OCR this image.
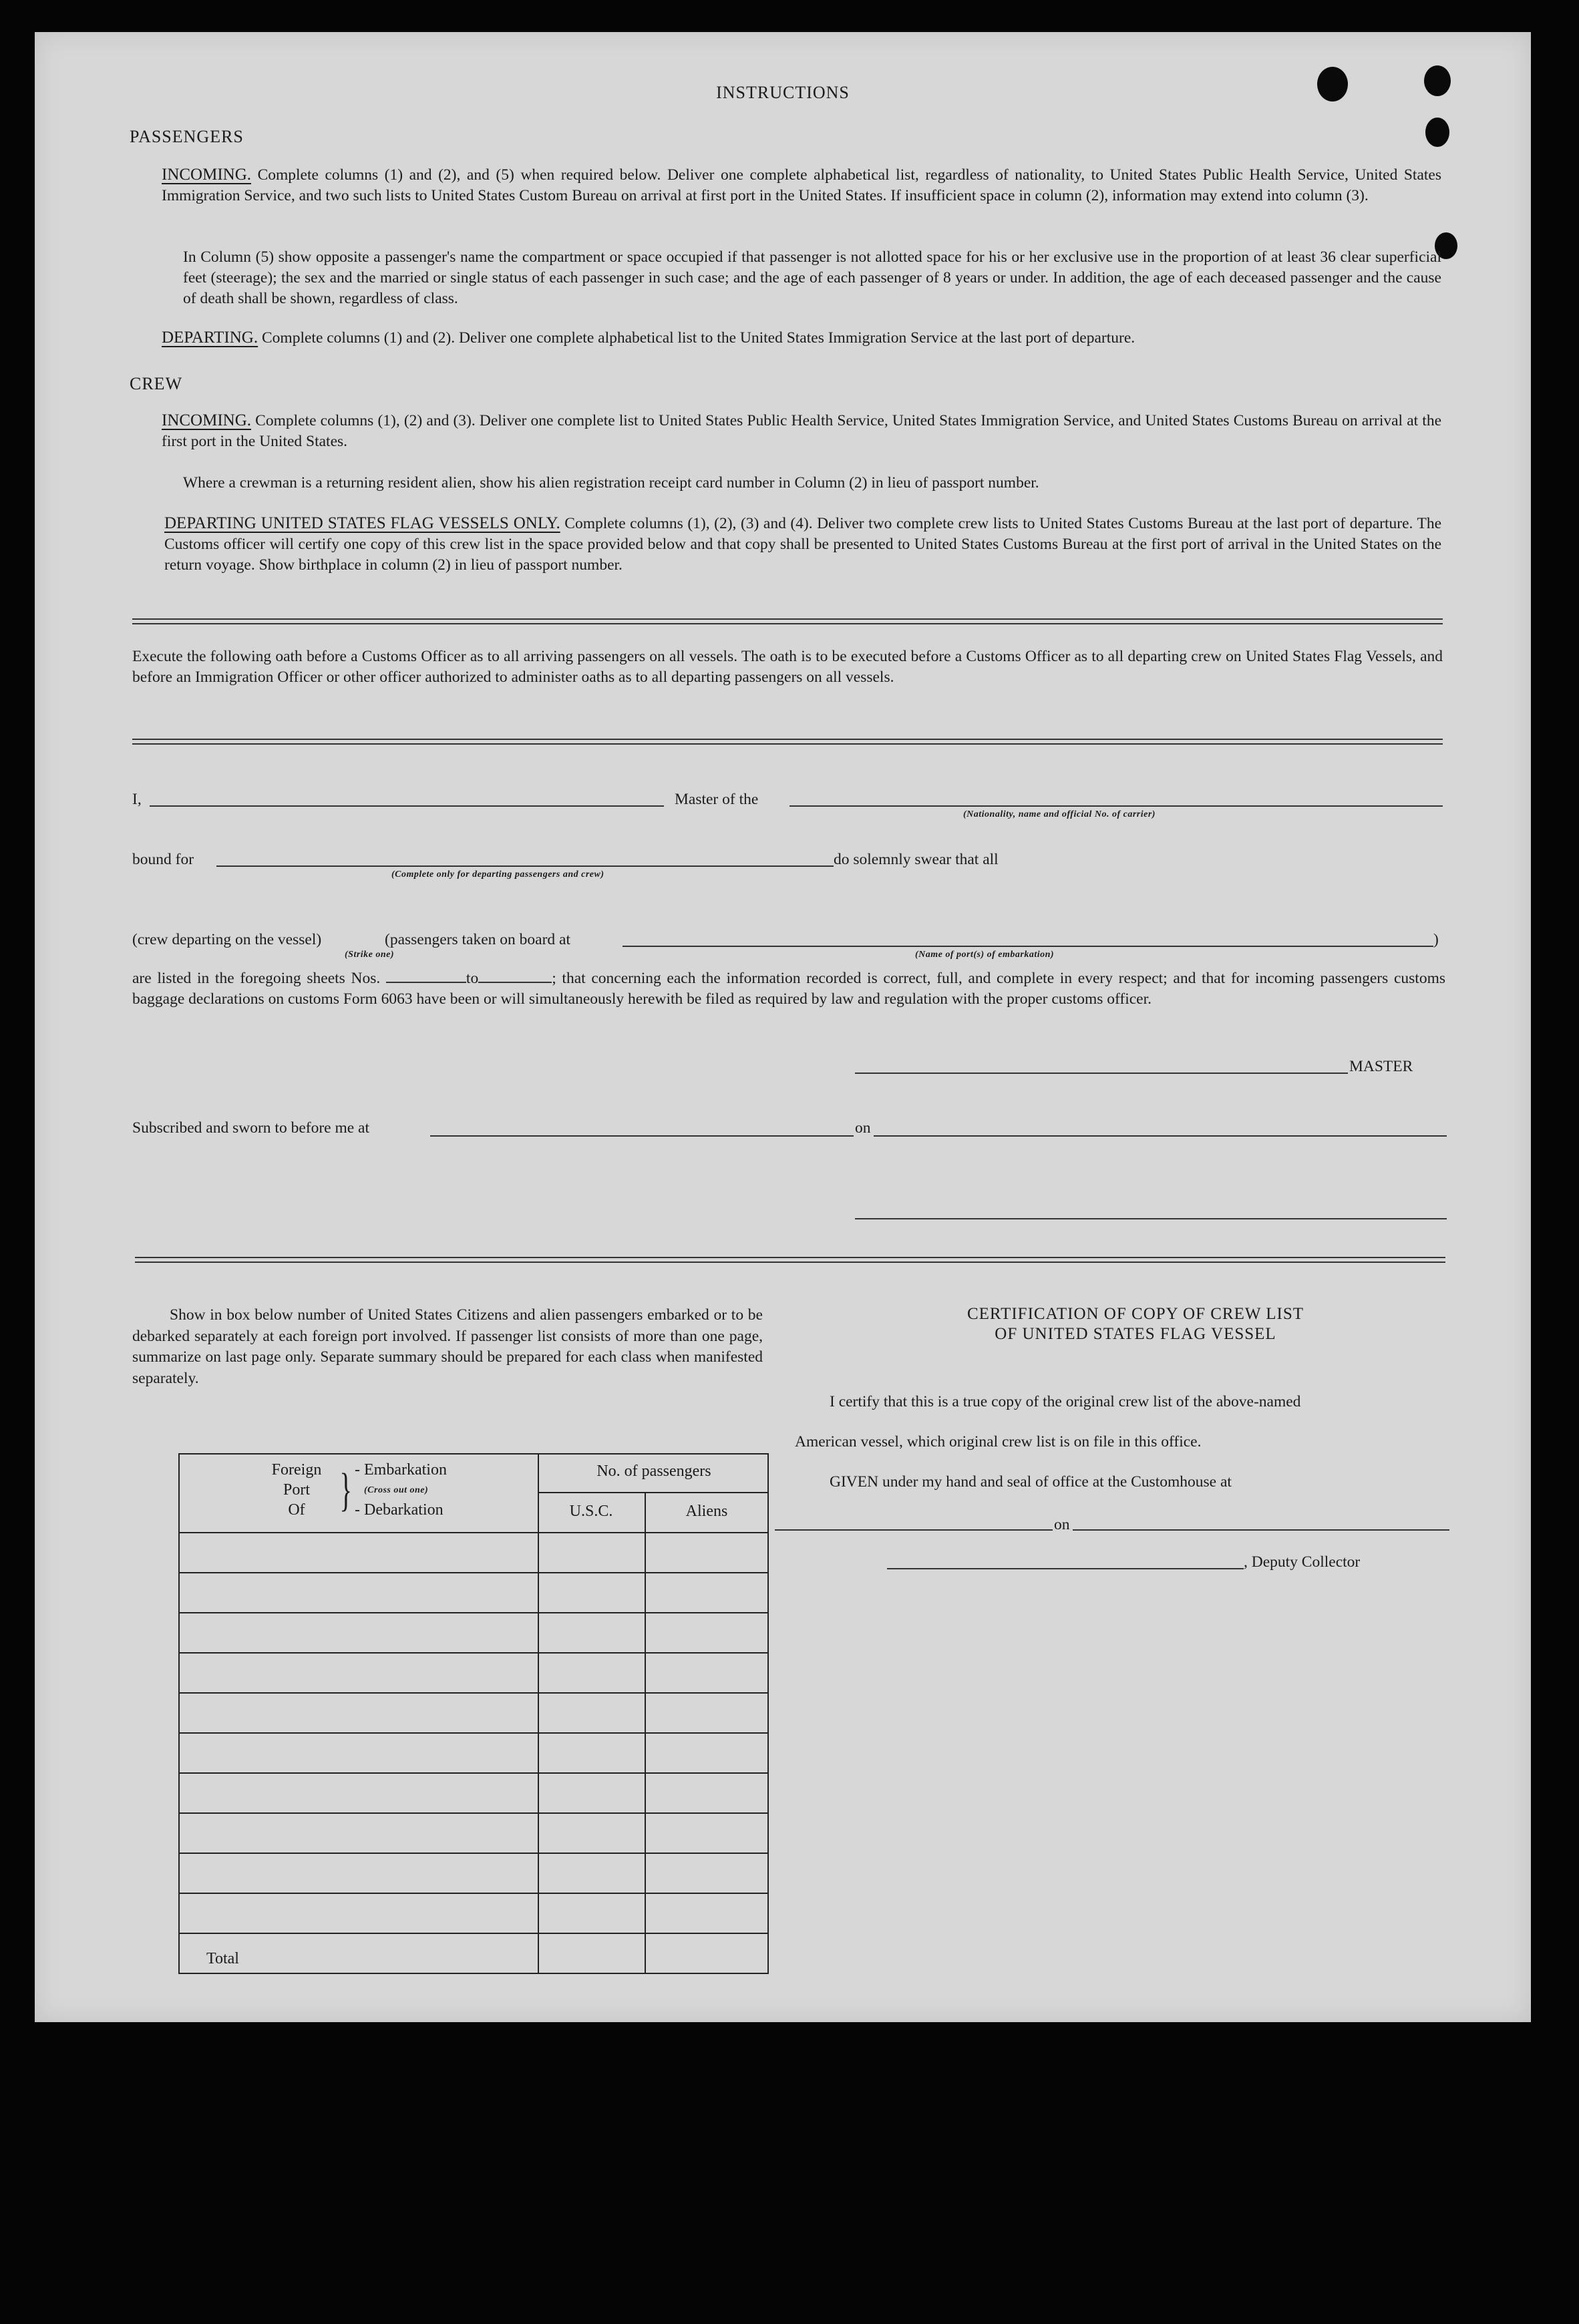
INSTRUCTIONS
PASSENGERS
INCOMING. Complete columns (1) and (2), and (5) when required below. Deliver one complete alphabetical list, regardless of nationality, to United States Public Health Service, United States Immigration Service, and two such lists to United States Custom Bureau on arrival at first port in the United States. If insufficient space in column (2), information may extend into column (3).
In Column (5) show opposite a passenger's name the compartment or space occupied if that passenger is not allotted space for his or her exclusive use in the proportion of at least 36 clear superficial feet (steerage); the sex and the married or single status of each passenger in such case; and the age of each passenger of 8 years or under. In addition, the age of each deceased passenger and the cause of death shall be shown, regardless of class.
DEPARTING. Complete columns (1) and (2). Deliver one complete alphabetical list to the United States Immigration Service at the last port of departure.
CREW
INCOMING. Complete columns (1), (2) and (3). Deliver one complete list to United States Public Health Service, United States Immigration Service, and United States Customs Bureau on arrival at the first port in the United States.
Where a crewman is a returning resident alien, show his alien registration receipt card number in Column (2) in lieu of passport number.
DEPARTING UNITED STATES FLAG VESSELS ONLY. Complete columns (1), (2), (3) and (4). Deliver two complete crew lists to United States Customs Bureau at the last port of departure. The Customs officer will certify one copy of this crew list in the space provided below and that copy shall be presented to United States Customs Bureau at the first port of arrival in the United States on the return voyage. Show birthplace in column (2) in lieu of passport number.
Execute the following oath before a Customs Officer as to all arriving passengers on all vessels. The oath is to be executed before a Customs Officer as to all departing crew on United States Flag Vessels, and before an Immigration Officer or other officer authorized to administer oaths as to all departing passengers on all vessels.
I,	Master of the
(Nationality, name and official No. of carrier)
bound for	do solemnly swear that all
(Complete only for departing passengers and crew)
(crew departing on the vessel)	(passengers taken on board at	)
(Strike one)	(Name of port(s) of embarkation)
are listed in the foregoing sheets Nos.	to	; that concerning each the information recorded is correct, full, and complete in every respect; and that for incoming passengers customs baggage declarations on customs Form 6063 have been or will simultaneously herewith be filed as required by law and regulation with the proper customs officer.
MASTER
Subscribed and sworn to before me at	on
Show in box below number of United States Citizens and alien passengers embarked or to be debarked separately at each foreign port involved. If passenger list consists of more than one page, summarize on last page only. Separate summary should be prepared for each class when manifested separately.
Foreign
Port
Of } - Embarkation
(Cross out one)
- Debarkation
No. of passengers
U.S.C.	Aliens
Total
CERTIFICATION OF COPY OF CREW LIST
OF UNITED STATES FLAG VESSEL
I certify that this is a true copy of the original crew list of the above-named
American vessel, which original crew list is on file in this office.
GIVEN under my hand and seal of office at the Customhouse at
on
, Deputy Collector
